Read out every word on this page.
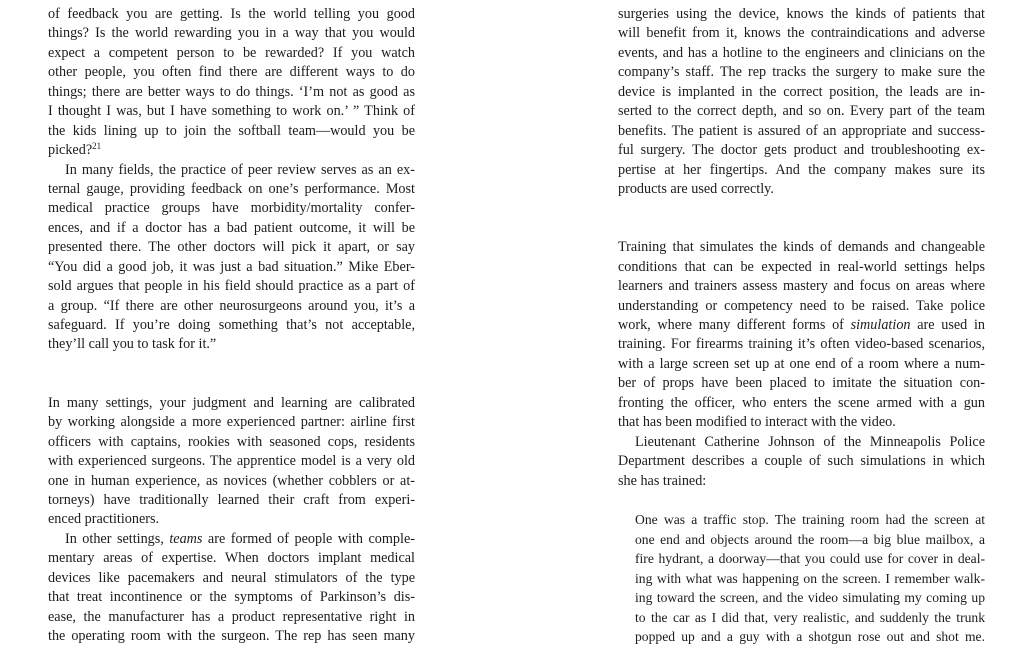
of feedback you are getting. Is the world telling you good
things? Is the world rewarding you in a way that you would
expect a competent person to be rewarded? If you watch
other people, you often find there are different ways to do
things; there are better ways to do things. ‘I’m not as good as
I thought I was, but I have something to work on.’ ” Think of
the kids lining up to join the softball team—would you be
picked?$^{21}$
In many fields, the practice of peer review serves as an ex-
ternal gauge, providing feedback on one’s performance. Most
medical practice groups have morbidity/mortality confer-
ences, and if a doctor has a bad patient outcome, it will be
presented there. The other doctors will pick it apart, or say
“You did a good job, it was just a bad situation.” Mike Eber-
sold argues that people in his field should practice as a part of
a group. “If there are other neurosurgeons around you, it’s a
safeguard. If you’re doing something that’s not acceptable,
they’ll call you to task for it.”
In many settings, your judgment and learning are calibrated
by working alongside a more experienced partner: airline first
officers with captains, rookies with seasoned cops, residents
with experienced surgeons. The apprentice model is a very old
one in human experience, as novices (whether cobblers or at-
torneys) have traditionally learned their craft from experi-
enced practitioners.
In other settings, teams are formed of people with comple-
mentary areas of expertise. When doctors implant medical
devices like pacemakers and neural stimulators of the type
that treat incontinence or the symptoms of Parkinson’s dis-
ease, the manufacturer has a product representative right in
the operating room with the surgeon. The rep has seen many
surgeries using the device, knows the kinds of patients that
will benefit from it, knows the contraindications and adverse
events, and has a hotline to the engineers and clinicians on the
company’s staff. The rep tracks the surgery to make sure the
device is implanted in the correct position, the leads are in-
serted to the correct depth, and so on. Every part of the team
benefits. The patient is assured of an appropriate and success-
ful surgery. The doctor gets product and troubleshooting ex-
pertise at her fingertips. And the company makes sure its
products are used correctly.
Training that simulates the kinds of demands and changeable
conditions that can be expected in real-world settings helps
learners and trainers assess mastery and focus on areas where
understanding or competency need to be raised. Take police
work, where many different forms of simulation are used in
training. For firearms training it’s often video-based scenarios,
with a large screen set up at one end of a room where a num-
ber of props have been placed to imitate the situation con-
fronting the officer, who enters the scene armed with a gun
that has been modified to interact with the video.
Lieutenant Catherine Johnson of the Minneapolis Police
Department describes a couple of such simulations in which
she has trained:
One was a traffic stop. The training room had the screen at
one end and objects around the room—a big blue mailbox, a
fire hydrant, a doorway—that you could use for cover in deal-
ing with what was happening on the screen. I remember walk-
ing toward the screen, and the video simulating my coming up
to the car as I did that, very realistic, and suddenly the trunk
popped up and a guy with a shotgun rose out and shot me.
